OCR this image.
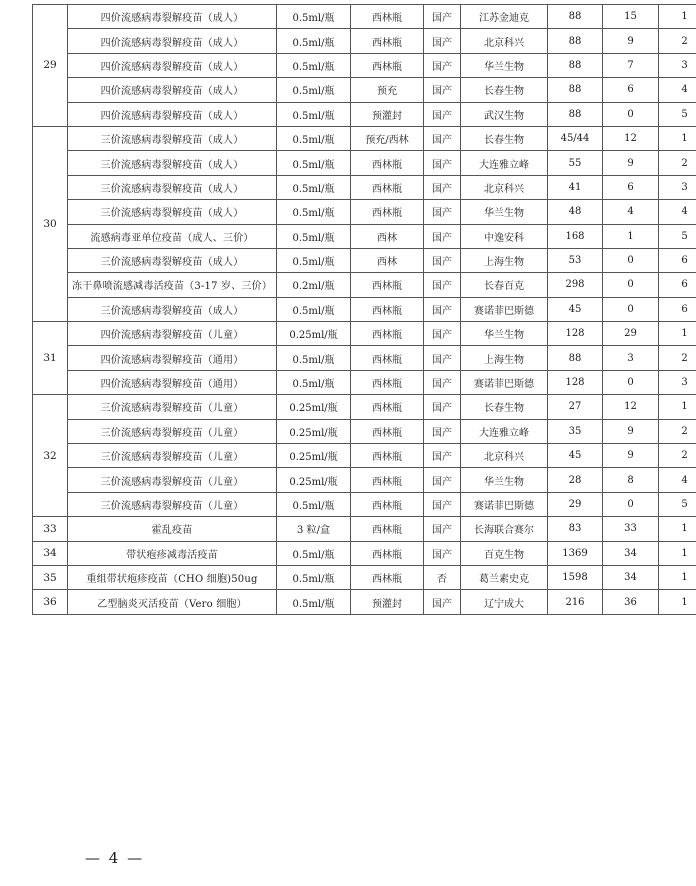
29	四价流感病毒裂解疫苗（成人）	0.5ml/瓶	西林瓶	国产	江苏金迪克	88	15	1
	四价流感病毒裂解疫苗（成人）	0.5ml/瓶	西林瓶	国产	北京科兴	88	9	2
	四价流感病毒裂解疫苗（成人）	0.5ml/瓶	西林瓶	国产	华兰生物	88	7	3
	四价流感病毒裂解疫苗（成人）	0.5ml/瓶	预充	国产	长春生物	88	6	4
	四价流感病毒裂解疫苗（成人）	0.5ml/瓶	预灌封	国产	武汉生物	88	0	5
30	三价流感病毒裂解疫苗（成人）	0.5ml/瓶	预充/西林	国产	长春生物	45/44	12	1
	三价流感病毒裂解疫苗（成人）	0.5ml/瓶	西林瓶	国产	大连雅立峰	55	9	2
	三价流感病毒裂解疫苗（成人）	0.5ml/瓶	西林瓶	国产	北京科兴	41	6	3
	三价流感病毒裂解疫苗（成人）	0.5ml/瓶	西林瓶	国产	华兰生物	48	4	4
	流感病毒亚单位疫苗（成人、三价）	0.5ml/瓶	西林	国产	中逸安科	168	1	5
	三价流感病毒裂解疫苗（成人）	0.5ml/瓶	西林	国产	上海生物	53	0	6
	冻干鼻喷流感减毒活疫苗（3-17 岁、三价）	0.2ml/瓶	西林瓶	国产	长春百克	298	0	6
	三价流感病毒裂解疫苗（成人）	0.5ml/瓶	西林瓶	国产	赛诺菲巴斯德	45	0	6
31	四价流感病毒裂解疫苗（儿童）	0.25ml/瓶	西林瓶	国产	华兰生物	128	29	1
	四价流感病毒裂解疫苗（通用）	0.5ml/瓶	西林瓶	国产	上海生物	88	3	2
	四价流感病毒裂解疫苗（通用）	0.5ml/瓶	西林瓶	国产	赛诺菲巴斯德	128	0	3
32	三价流感病毒裂解疫苗（儿童）	0.25ml/瓶	西林瓶	国产	长春生物	27	12	1
	三价流感病毒裂解疫苗（儿童）	0.25ml/瓶	西林瓶	国产	大连雅立峰	35	9	2
	三价流感病毒裂解疫苗（儿童）	0.25ml/瓶	西林瓶	国产	北京科兴	45	9	2
	三价流感病毒裂解疫苗（儿童）	0.25ml/瓶	西林瓶	国产	华兰生物	28	8	4
	三价流感病毒裂解疫苗（儿童）	0.5ml/瓶	西林瓶	国产	赛诺菲巴斯德	29	0	5
33	霍乱疫苗	3 粒/盒	西林瓶	国产	长海联合赛尔	83	33	1
34	带状疱疹减毒活疫苗	0.5ml/瓶	西林瓶	国产	百克生物	1369	34	1
35	重组带状疱疹疫苗（CHO 细胞)50ug	0.5ml/瓶	西林瓶	否	葛兰素史克	1598	34	1
36	乙型脑炎灭活疫苗（Vero 细胞）	0.5ml/瓶	预灌封	国产	辽宁成大	216	36	1
— 4 —
